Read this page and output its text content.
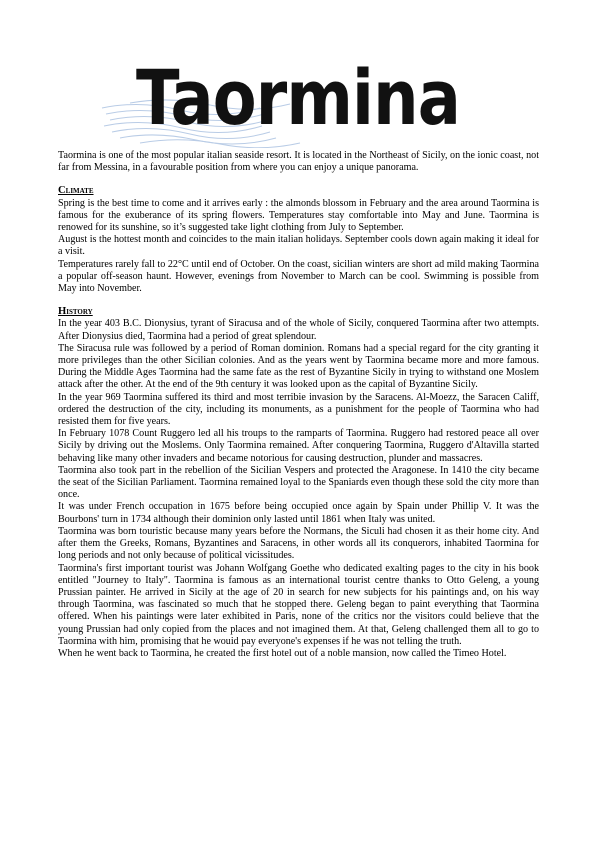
Taormina

Taormina is one of the most popular italian seaside resort. It is located in the Northeast of Sicily, on the ionic coast, not far from Messina, in a favourable position from where you can enjoy a unique panorama.

Climate

Spring is the best time to come and it arrives early : the almonds blossom in February and the area around Taormina is famous for the exuberance of its spring flowers. Temperatures stay comfortable into May and June. Taormina is renowed for its sunshine, so it’s suggested take light clothing from July to September.

August is the hottest month and coincides to the main italian holidays. September cools down again making it ideal for a visit.

Temperatures rarely fall to 22°C until end of October. On the coast, sicilian winters are short ad mild making Taormina a popular off-season haunt. However, evenings from November to March can be cool. Swimming is possible from May into November.

History

In the year 403 B.C. Dionysius, tyrant of Siracusa and of the whole of Sicily, conquered Taormina after two attempts. After Dionysius died, Taormina had a period of great splendour.

The Siracusa rule was followed by a period of Roman dominion. Romans had a special regard for the city granting it more privileges than the other Sicilian colonies. And as the years went by Taormina became more and more famous. During the Middle Ages Taormina had the same fate as the rest of Byzantine Sicily in trying to withstand one Moslem attack after the other. At the end of the 9th century it was looked upon as the capital of Byzantine Sicily.

In the year 969 Taormina suffered its third and most terribie invasion by the Saracens. Al-Moezz, the Saracen Califf, ordered the destruction of the city, including its monuments, as a punishment for the people of Taormina who had resisted them for five years.

In February 1078 Count Ruggero led all his troups to the ramparts of Taormina. Ruggero had restored peace all over Sicily by driving out the Moslems. Only Taormina remained. After conquering Taormina, Ruggero d'Altavilla started behaving like many other invaders and became notorious for causing destruction, plunder and massacres.

Taormina also took part in the rebellion of the Sicilian Vespers and protected the Aragonese. In 1410 the city became the seat of the Sicilian Parliament. Taormina remained loyal to the Spaniards even though these sold the city more than once.

It was under French occupation in 1675 before being occupied once again by Spain under Phillip V. It was the Bourbons' turn in 1734 although their dominion only lasted until 1861 when Italy was united.

Taormina was born touristic because many years before the Normans, the Siculi had chosen it as their home city. And after them the Greeks, Romans, Byzantines and Saracens, in other words all its conquerors, inhabited Taormina for long periods and not only because of political vicissitudes.

Taormina's first important tourist was Johann Wolfgang Goethe who dedicated exalting pages to the city in his book entitled "Journey to Italy". Taormina is famous as an international tourist centre thanks to Otto Geleng, a young Prussian painter. He arrived in Sicily at the age of 20 in search for new subjects for his paintings and, on his way through Taormina, was fascinated so much that he stopped there. Geleng began to paint everything that Taormina offered. When his paintings were later exhibited in Paris, none of the critics nor the visitors could believe that the young Prussian had only copied from the places and not imagined them. At that, Geleng challenged them all to go to Taormina with him, promising that he wouid pay everyone's expenses if he was not telling the truth.

When he went back to Taormina, he created the first hotel out of a noble mansion, now called the Timeo Hotel.
